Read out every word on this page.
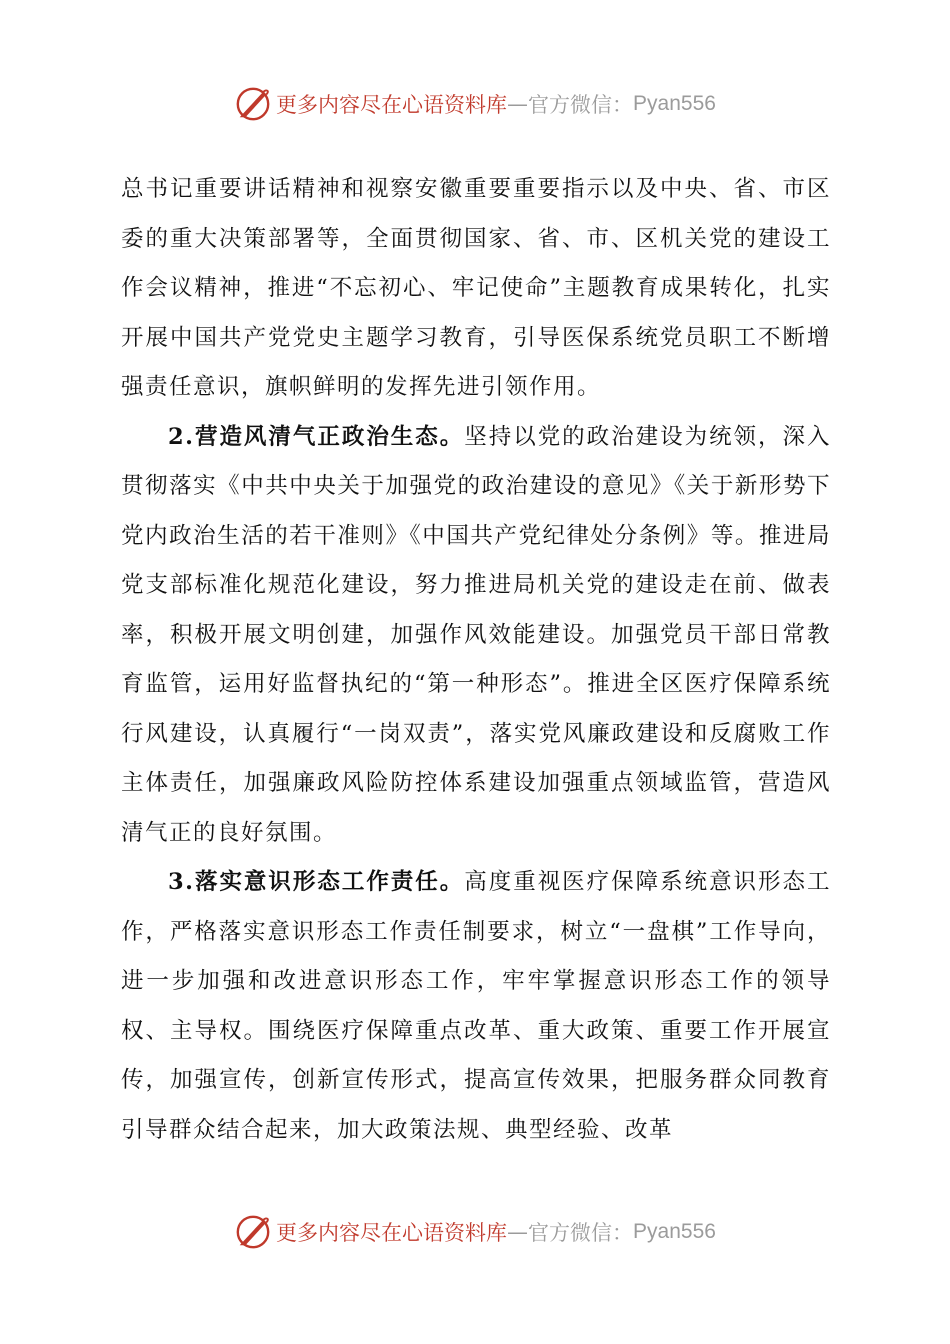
更多内容尽在心语资料库 — 官方微信： Pyan556

总书记重要讲话精神和视察安徽重要重要指示以及中央、省、市区委的重大决策部署等，全面贯彻国家、省、市、区机关党的建设工作会议精神，推进“不忘初心、牢记使命”主题教育成果转化，扎实开展中国共产党党史主题学习教育，引导医保系统党员职工不断增强责任意识，旗帜鲜明的发挥先进引领作用。

2.营造风清气正政治生态。坚持以党的政治建设为统领，深入贯彻落实《中共中央关于加强党的政治建设的意见》《关于新形势下党内政治生活的若干准则》《中国共产党纪律处分条例》等。推进局党支部标准化规范化建设，努力推进局机关党的建设走在前、做表率，积极开展文明创建，加强作风效能建设。加强党员干部日常教育监管，运用好监督执纪的“第一种形态”。推进全区医疗保障系统行风建设，认真履行“一岗双责”，落实党风廉政建设和反腐败工作主体责任，加强廉政风险防控体系建设加强重点领域监管，营造风清气正的良好氛围。

3.落实意识形态工作责任。高度重视医疗保障系统意识形态工作，严格落实意识形态工作责任制要求，树立“一盘棋”工作导向，进一步加强和改进意识形态工作，牢牢掌握意识形态工作的领导权、主导权。围绕医疗保障重点改革、重大政策、重要工作开展宣传，加强宣传，创新宣传形式，提高宣传效果，把服务群众同教育引导群众结合起来，加大政策法规、典型经验、改革

更多内容尽在心语资料库 — 官方微信： Pyan556
